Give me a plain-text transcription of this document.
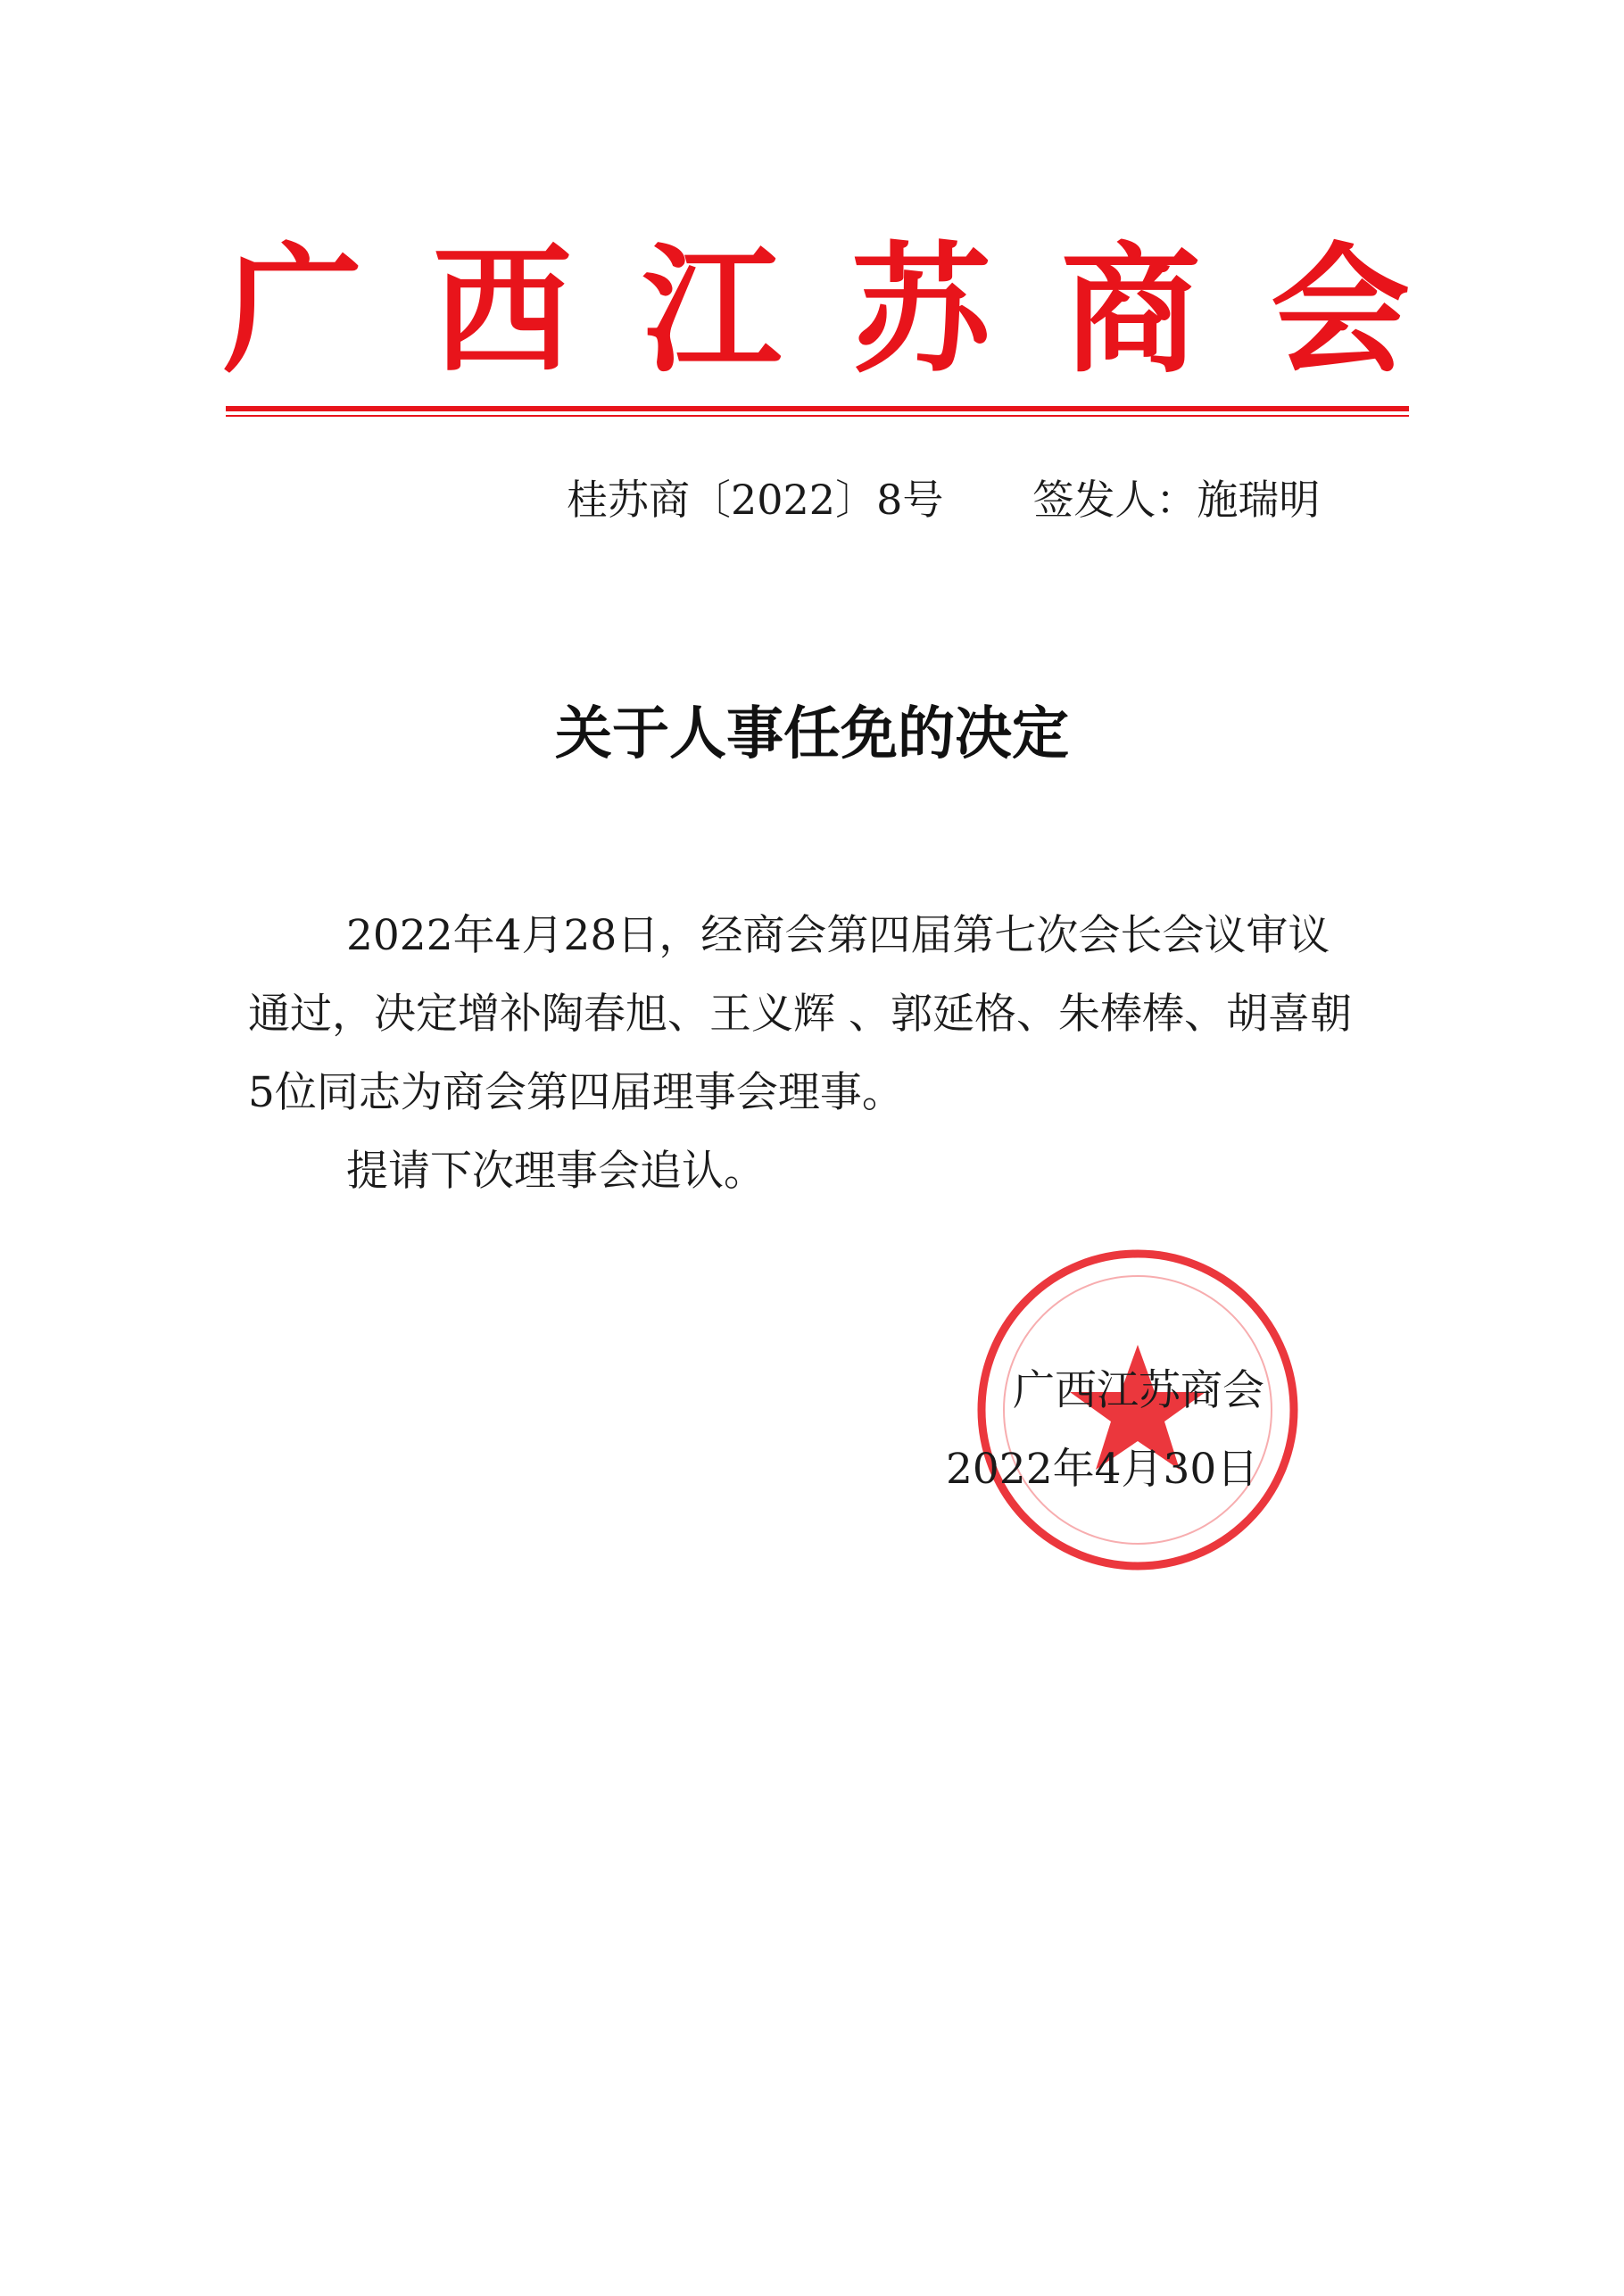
广 西 江 苏 商 会
桂苏商〔2022〕8号 签发人：施瑞明
关于人事任免的决定
2022年4月28日，经商会第四届第七次会长会议审议
通过，决定增补陶春旭、王义辉 、郭延格、朱棒棒、胡喜朝
5位同志为商会第四届理事会理事。
提请下次理事会追认。
广西江苏商会
2022年4月30日
